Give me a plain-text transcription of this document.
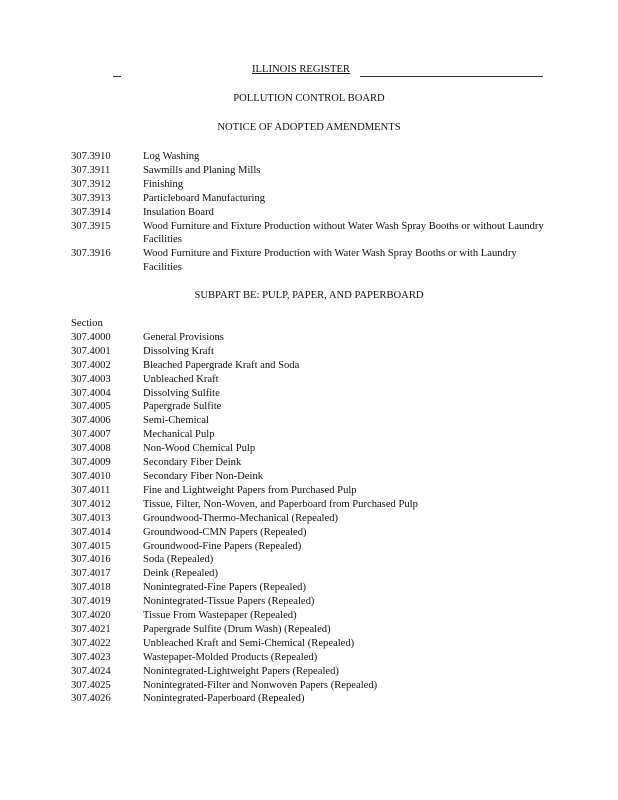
ILLINOIS REGISTER
POLLUTION CONTROL BOARD
NOTICE OF ADOPTED AMENDMENTS
307.3910	Log Washing
307.3911	Sawmills and Planing Mills
307.3912	Finishing
307.3913	Particleboard Manufacturing
307.3914	Insulation Board
307.3915	Wood Furniture and Fixture Production without Water Wash Spray Booths or without Laundry Facilities
307.3916	Wood Furniture and Fixture Production with Water Wash Spray Booths or with Laundry Facilities
SUBPART BE: PULP, PAPER, AND PAPERBOARD
Section
307.4000	General Provisions
307.4001	Dissolving Kraft
307.4002	Bleached Papergrade Kraft and Soda
307.4003	Unbleached Kraft
307.4004	Dissolving Sulfite
307.4005	Papergrade Sulfite
307.4006	Semi-Chemical
307.4007	Mechanical Pulp
307.4008	Non-Wood Chemical Pulp
307.4009	Secondary Fiber Deink
307.4010	Secondary Fiber Non-Deink
307.4011	Fine and Lightweight Papers from Purchased Pulp
307.4012	Tissue, Filter, Non-Woven, and Paperboard from Purchased Pulp
307.4013	Groundwood-Thermo-Mechanical (Repealed)
307.4014	Groundwood-CMN Papers (Repealed)
307.4015	Groundwood-Fine Papers (Repealed)
307.4016	Soda (Repealed)
307.4017	Deink (Repealed)
307.4018	Nonintegrated-Fine Papers (Repealed)
307.4019	Nonintegrated-Tissue Papers (Repealed)
307.4020	Tissue From Wastepaper (Repealed)
307.4021	Papergrade Sulfite (Drum Wash) (Repealed)
307.4022	Unbleached Kraft and Semi-Chemical (Repealed)
307.4023	Wastepaper-Molded Products (Repealed)
307.4024	Nonintegrated-Lightweight Papers (Repealed)
307.4025	Nonintegrated-Filter and Nonwoven Papers (Repealed)
307.4026	Nonintegrated-Paperboard (Repealed)
